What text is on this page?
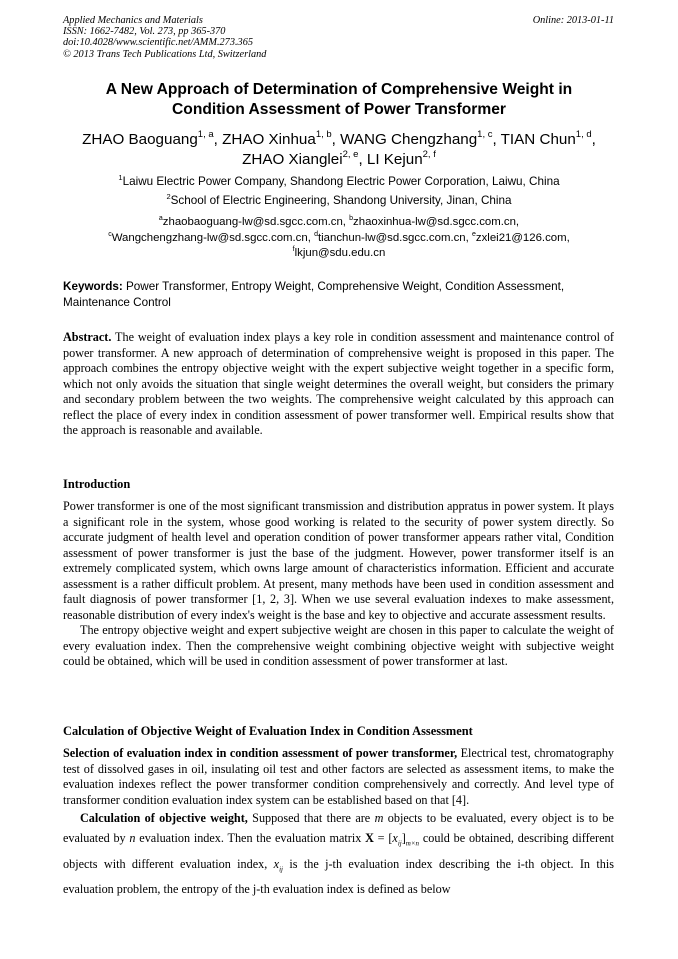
Applied Mechanics and Materials
ISSN: 1662-7482, Vol. 273, pp 365-370
doi:10.4028/www.scientific.net/AMM.273.365
© 2013 Trans Tech Publications Ltd, Switzerland
Online: 2013-01-11
A New Approach of Determination of Comprehensive Weight in
Condition Assessment of Power Transformer
ZHAO Baoguang$^{1, a}$, ZHAO Xinhua$^{1, b}$, WANG Chengzhang$^{1, c}$, TIAN Chun$^{1, d}$,
ZHAO Xianglei$^{2, e}$, LI Kejun$^{2, f}$
$^1$Laiwu Electric Power Company, Shandong Electric Power Corporation, Laiwu, China
$^2$School of Electric Engineering, Shandong University, Jinan, China
$^a$zhaobaoguang-lw@sd.sgcc.com.cn, $^b$zhaoxinhua-lw@sd.sgcc.com.cn,
$^c$Wangchengzhang-lw@sd.sgcc.com.cn, $^d$tianchun-lw@sd.sgcc.com.cn, $^e$zxlei21@126.com,
$^f$lkjun@sdu.edu.cn
Keywords: Power Transformer, Entropy Weight, Comprehensive Weight, Condition Assessment, Maintenance Control
Abstract. The weight of evaluation index plays a key role in condition assessment and maintenance control of power transformer. A new approach of determination of comprehensive weight is proposed in this paper. The approach combines the entropy objective weight with the expert subjective weight together in a specific form, which not only avoids the situation that single weight determines the overall weight, but considers the primary and secondary problem between the two weights. The comprehensive weight calculated by this approach can reflect the place of every index in condition assessment of power transformer well. Empirical results show that the approach is reasonable and available.
Introduction
Power transformer is one of the most significant transmission and distribution appratus in power system. It plays a significant role in the system, whose good working is related to the security of power system directly. So accurate judgment of health level and operation condition of power transformer appears rather vital, Condition assessment of power transformer is just the base of the judgment. However, power transformer itself is an extremely complicated system, which owns large amount of characteristics information. Efficient and accurate assessment is a rather difficult problem. At present, many methods have been used in condition assessment and fault diagnosis of power transformer [1, 2, 3]. When we use several evaluation indexes to make assessment, reasonable distribution of every index's weight is the base and key to objective and accurate assessment results.
The entropy objective weight and expert subjective weight are chosen in this paper to calculate the weight of every evaluation index. Then the comprehensive weight combining objective weight with subjective weight could be obtained, which will be used in condition assessment of power transformer at last.
Calculation of Objective Weight of Evaluation Index in Condition Assessment
Selection of evaluation index in condition assessment of power transformer, Electrical test, chromatography test of dissolved gases in oil, insulating oil test and other factors are selected as assessment items, to make the evaluation indexes reflect the power transformer condition comprehensively and correctly. And level type of transformer condition evaluation index system can be established based on that [4].
Calculation of objective weight, Supposed that there are m objects to be evaluated, every object is to be evaluated by n evaluation index. Then the evaluation matrix $X = [x_{ij}]_{m\times n}$ could be obtained, describing different objects with different evaluation index, $x_{ij}$ is the j-th evaluation index describing the i-th object. In this evaluation problem, the entropy of the j-th evaluation index is defined as below
